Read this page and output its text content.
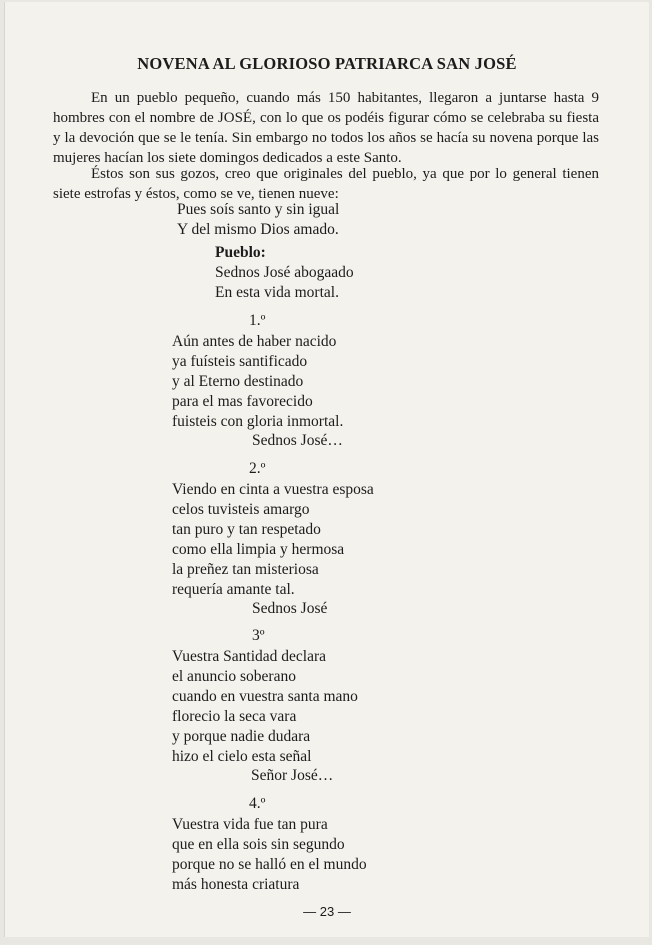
NOVENA AL GLORIOSO PATRIARCA SAN JOSÉ

En un pueblo pequeño, cuando más 150 habitantes, llegaron a juntarse hasta 9 hombres con el nombre de JOSÉ, con lo que os podéis figurar cómo se celebraba su fiesta y la devoción que se le tenía. Sin embargo no todos los años se hacía su novena porque las mujeres hacían los siete domingos dedicados a este Santo.

Éstos son sus gozos, creo que originales del pueblo, ya que por lo general tienen siete estrofas y éstos, como se ve, tienen nueve:

Pues soís santo y sin igual
Y del mismo Dios amado.
Pueblo:
Sednos José abogaado
En esta vida mortal.
1.º
Aún antes de haber nacido
ya fuísteis santificado
y al Eterno destinado
para el mas favorecido
fuisteis con gloria inmortal.
Sednos José…
2.º
Viendo en cinta a vuestra esposa
celos tuvisteis amargo
tan puro y tan respetado
como ella limpia y hermosa
la preñez tan misteriosa
requería amante tal.
Sednos José
3º
Vuestra Santidad declara
el anuncio soberano
cuando en vuestra santa mano
florecio la seca vara
y porque nadie dudara
hizo el cielo esta señal
Señor José…
4.º
Vuestra vida fue tan pura
que en ella sois sin segundo
porque no se halló en el mundo
más honesta criatura
— 23 —
